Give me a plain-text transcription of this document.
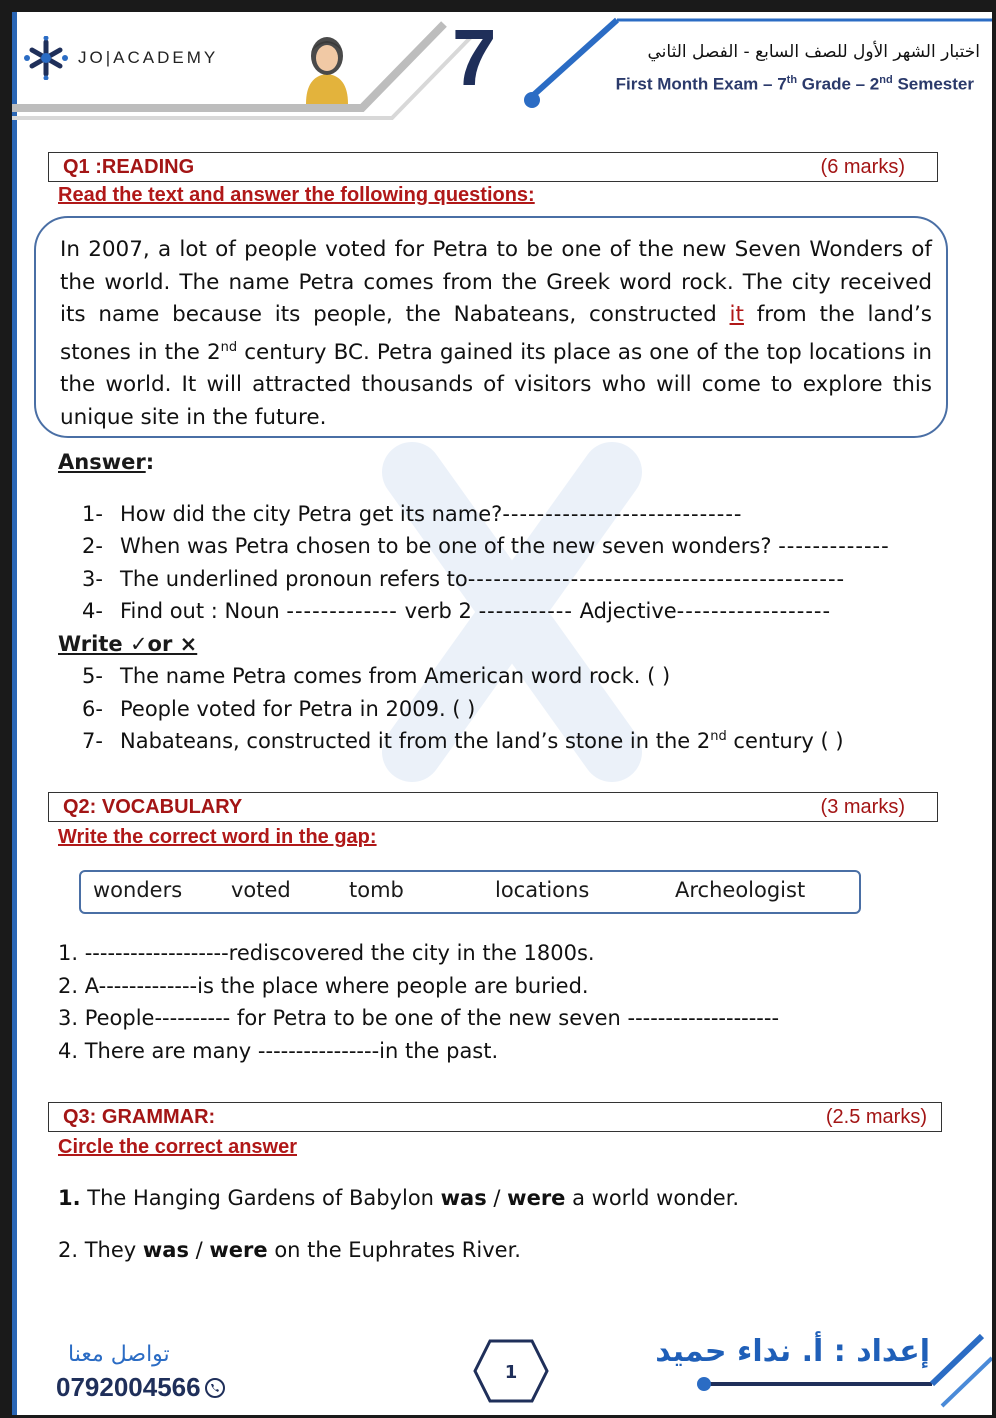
JO|ACADEMY	7	اختبار الشهر الأول للصف السابع - الفصل الثاني
First Month Exam – 7th Grade – 2nd Semester
Q1 :READING	(6 marks)
Read the text and answer the following questions:
In 2007, a lot of people voted for Petra to be one of the new Seven Wonders of the world. The name Petra comes from the Greek word rock. The city received its name because its people, the Nabateans, constructed it from the land’s stones in the 2nd century BC. Petra gained its place as one of the top locations in the world. It will attracted thousands of visitors who will come to explore this unique site in the future.
Answer:
1- How did the city Petra get its name?----------------------------
2- When was Petra chosen to be one of the new seven wonders? -------------
3- The underlined pronoun refers to--------------------------------------------
4- Find out : Noun ------------- verb 2 ----------- Adjective------------------
Write ✓or ×
5- The name Petra comes from American word rock. ( )
6- People voted for Petra in 2009. ( )
7- Nabateans, constructed it from the land’s stone in the 2nd century ( )
Q2: VOCABULARY	(3 marks)
Write the correct word in the gap:
wonders voted	tomb	locations	Archeologist
1. -------------------rediscovered the city in the 1800s.
2. A-------------is the place where people are buried.
3. People---------- for Petra to be one of the new seven --------------------
4. There are many ----------------in the past.
Q3: GRAMMAR:	(2.5 marks)
Circle the correct answer
1. The Hanging Gardens of Babylon was / were a world wonder.
2. They was / were on the Euphrates River.
تواصل معنا
0792004566	1
إعداد : أ. نداء حميد
